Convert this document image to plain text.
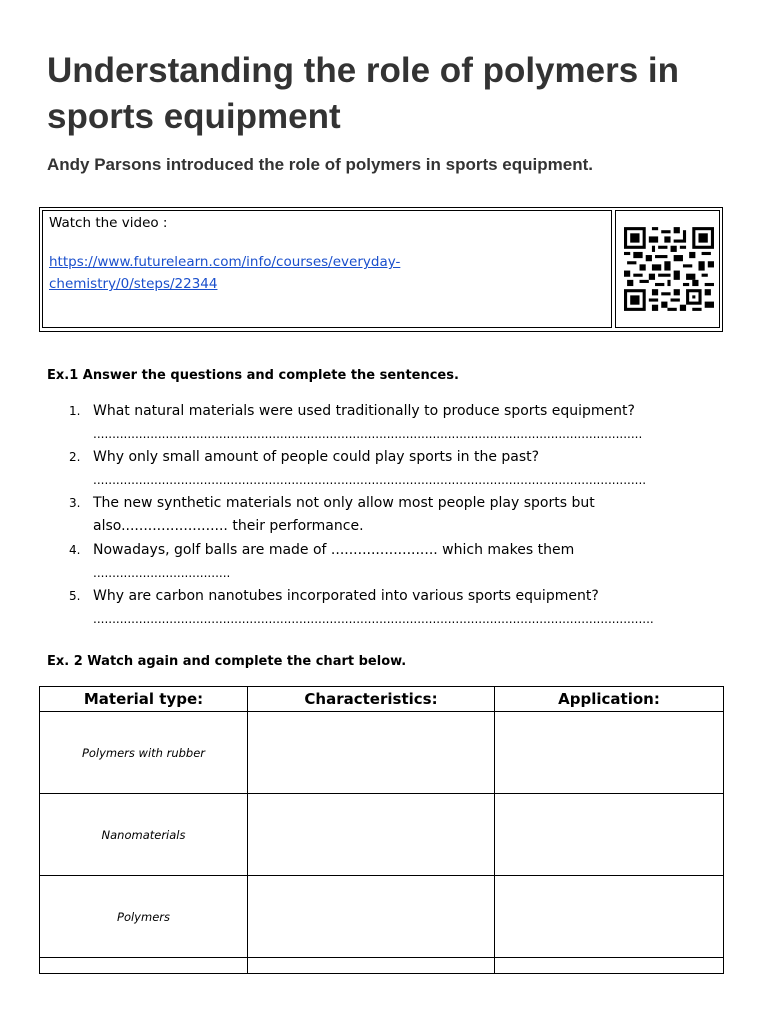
Understanding the role of polymers in sports equipment

Andy Parsons introduced the role of polymers in sports equipment.

Watch the video :
https://www.futurelearn.com/info/courses/everyday-chemistry/0/steps/22344

Ex.1 Answer the questions and complete the sentences.

1. What natural materials were used traditionally to produce sports equipment?
................................................................................................................................................
2. Why only small amount of people could play sports in the past?
.................................................................................................................................................
3. The new synthetic materials not only allow most people play sports but also........................ their performance.
4. Nowadays, golf balls are made of ........................ which makes them
....................................
5. Why are carbon nanotubes incorporated into various sports equipment?
...................................................................................................................................................

Ex. 2 Watch again and complete the chart below.

Material type:	Characteristics:	Application:
Polymers with rubber		
Nanomaterials		
Polymers		
